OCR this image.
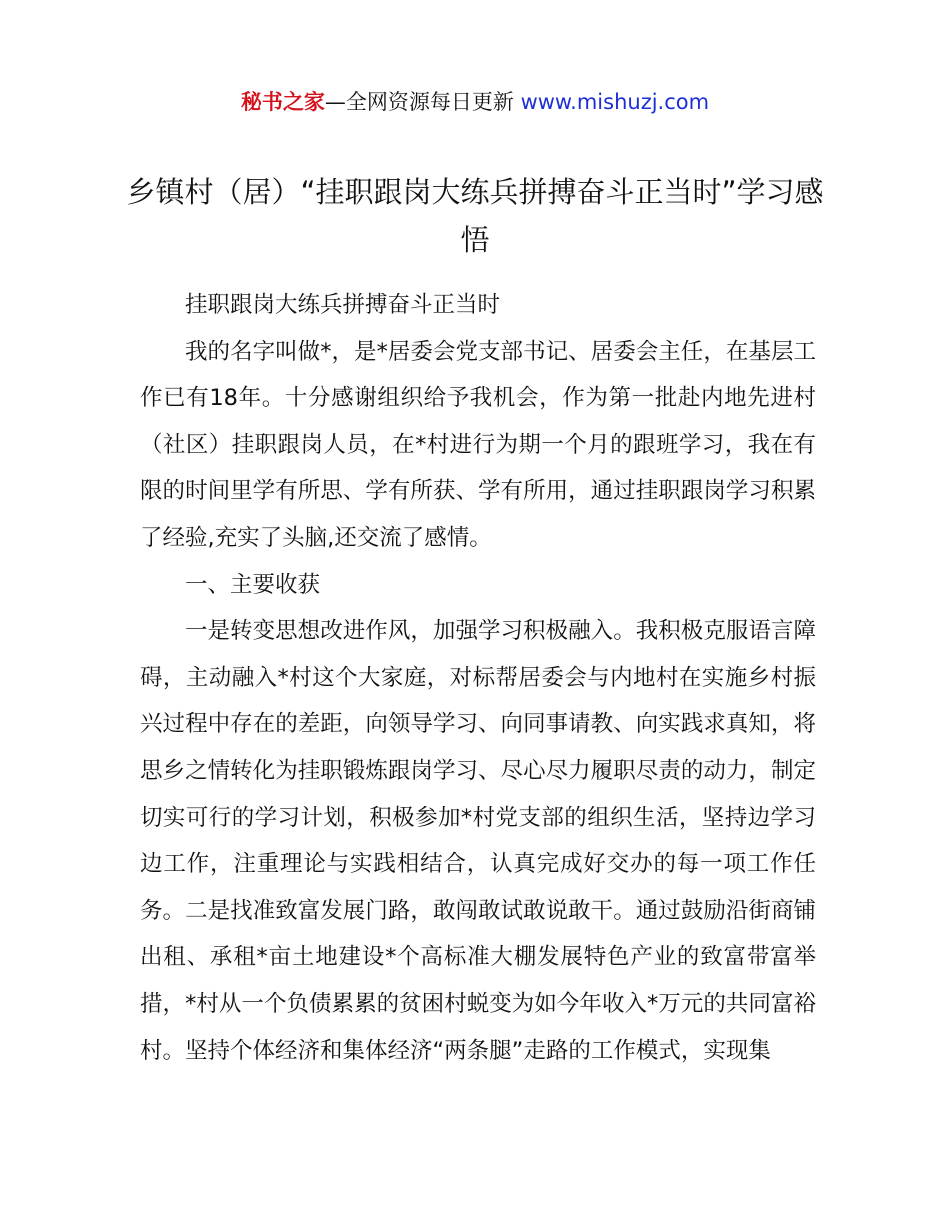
秘书之家—全网资源每日更新 www.mishuzj.com
乡镇村（居）“挂职跟岗大练兵拼搏奋斗正当时”学习感悟

挂职跟岗大练兵拼搏奋斗正当时

我的名字叫做*，是*居委会党支部书记、居委会主任，在基层工作已有18年。十分感谢组织给予我机会，作为第一批赴内地先进村（社区）挂职跟岗人员，在*村进行为期一个月的跟班学习，我在有限的时间里学有所思、学有所获、学有所用，通过挂职跟岗学习积累了经验,充实了头脑,还交流了感情。

一、主要收获

一是转变思想改进作风，加强学习积极融入。我积极克服语言障碍，主动融入*村这个大家庭，对标帮居委会与内地村在实施乡村振兴过程中存在的差距，向领导学习、向同事请教、向实践求真知，将思乡之情转化为挂职锻炼跟岗学习、尽心尽力履职尽责的动力，制定切实可行的学习计划，积极参加*村党支部的组织生活，坚持边学习边工作，注重理论与实践相结合，认真完成好交办的每一项工作任务。二是找准致富发展门路，敢闯敢试敢说敢干。通过鼓励沿街商铺出租、承租*亩土地建设*个高标准大棚发展特色产业的致富带富举措，*村从一个负债累累的贫困村蜕变为如今年收入*万元的共同富裕村。坚持个体经济和集体经济“两条腿”走路的工作模式，实现集
